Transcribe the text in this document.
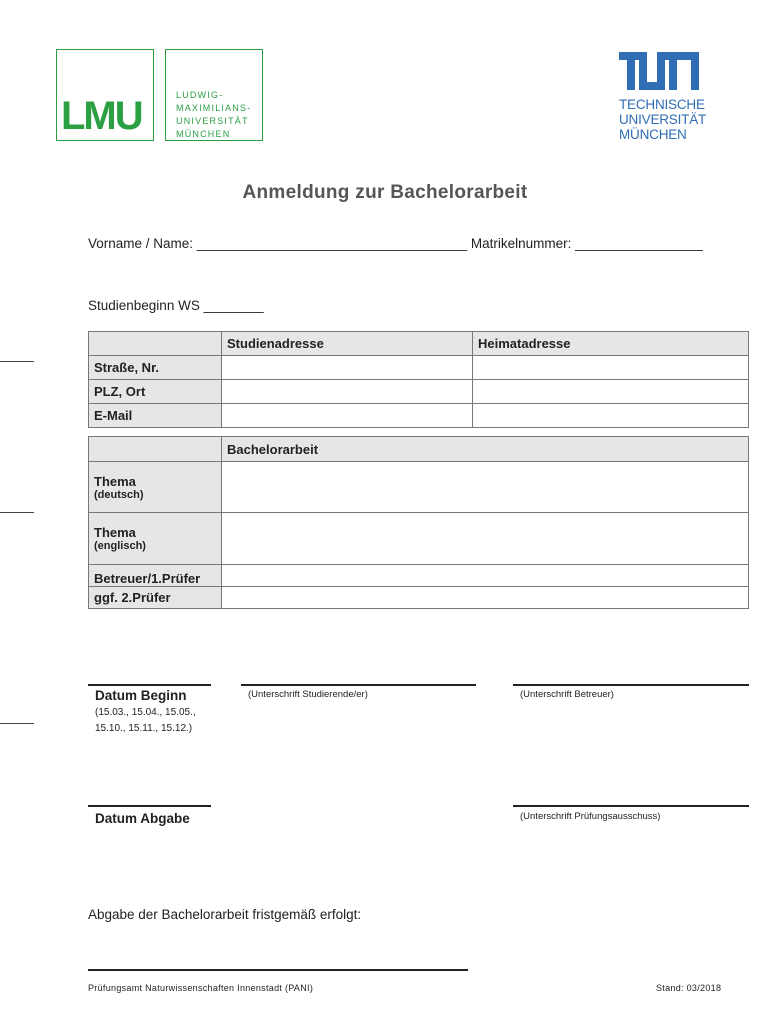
LMU	LUDWIG-
MAXIMILIANS-
UNIVERSITÄT
MÜNCHEN
TECHNISCHE
UNIVERSITÄT
MÜNCHEN
Anmeldung zur Bachelorarbeit
Vorname / Name: ____________________________________ Matrikelnummer: _________________
Studienbeginn WS ________
	Studienadresse	Heimatadresse
Straße, Nr.		
PLZ, Ort		
E-Mail		
	Bachelorarbeit

Thema
(deutsch)	

Thema
(englisch)	

Betreuer/1.Prüfer	
ggf. 2.Prüfer	
Datum Beginn
(15.03., 15.04., 15.05.,
15.10., 15.11., 15.12.)
(Unterschrift Studierende/er)	(Unterschrift Betreuer)
Datum Abgabe	(Unterschrift Prüfungsausschuss)
Abgabe der Bachelorarbeit fristgemäß erfolgt:
Prüfungsamt Naturwissenschaften Innenstadt (PANI)	Stand: 03/2018
